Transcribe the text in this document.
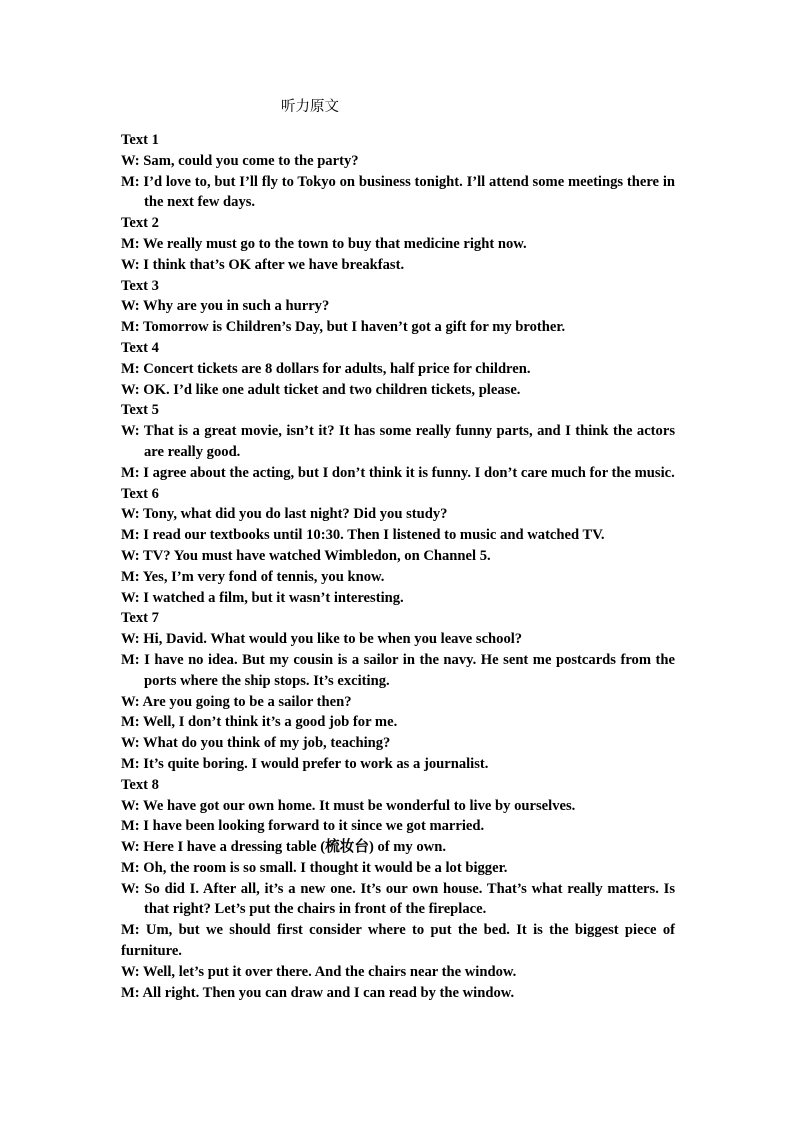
听力原文
Text 1
W: Sam, could you come to the party?
M: I’d love to, but I’ll fly to Tokyo on business tonight. I’ll attend some meetings there in the next few days.
Text 2
M: We really must go to the town to buy that medicine right now.
W: I think that’s OK after we have breakfast.
Text 3
W: Why are you in such a hurry?
M: Tomorrow is Children’s Day, but I haven’t got a gift for my brother.
Text 4
M: Concert tickets are 8 dollars for adults, half price for children.
W: OK. I’d like one adult ticket and two children tickets, please.
Text 5
W: That is a great movie, isn’t it? It has some really funny parts, and I think the actors are really good.
M: I agree about the acting, but I don’t think it is funny. I don’t care much for the music.
Text 6
W: Tony, what did you do last night? Did you study?
M: I read our textbooks until 10:30. Then I listened to music and watched TV.
W: TV? You must have watched Wimbledon, on Channel 5.
M: Yes, I’m very fond of tennis, you know.
W: I watched a film, but it wasn’t interesting.
Text 7
W: Hi, David. What would you like to be when you leave school?
M: I have no idea. But my cousin is a sailor in the navy. He sent me postcards from the ports where the ship stops. It’s exciting.
W: Are you going to be a sailor then?
M: Well, I don’t think it’s a good job for me.
W: What do you think of my job, teaching?
M: It’s quite boring. I would prefer to work as a journalist.
Text 8
W: We have got our own home. It must be wonderful to live by ourselves.
M: I have been looking forward to it since we got married.
W: Here I have a dressing table (梳妆台) of my own.
M: Oh, the room is so small. I thought it would be a lot bigger.
W: So did I. After all, it’s a new one. It’s our own house. That’s what really matters. Is that right? Let’s put the chairs in front of the fireplace.
M: Um, but we should first consider where to put the bed. It is the biggest piece of furniture.
W: Well, let’s put it over there. And the chairs near the window.
M: All right. Then you can draw and I can read by the window.
